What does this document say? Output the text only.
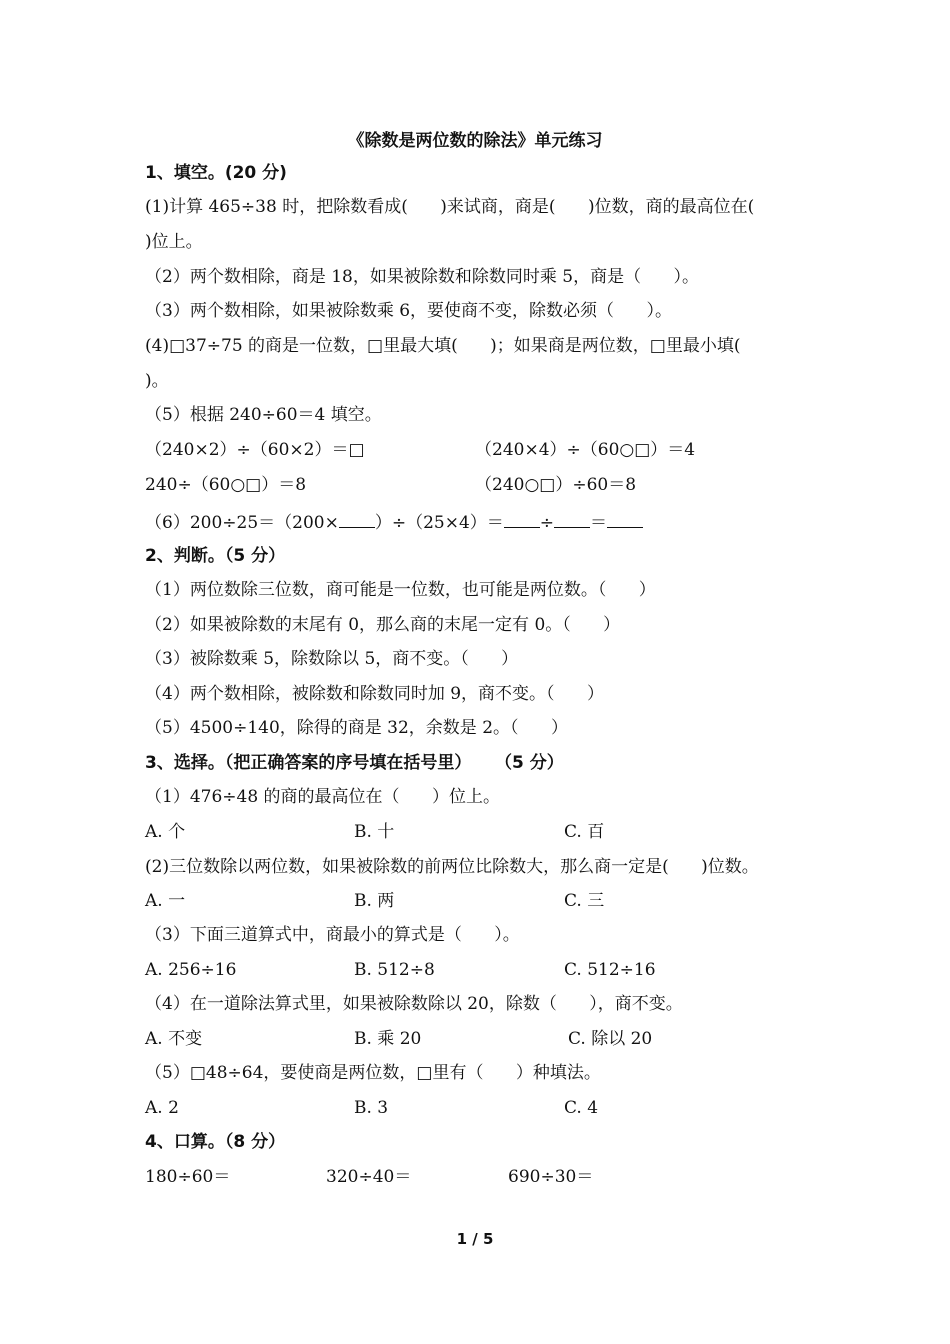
《除数是两位数的除法》单元练习
1、填空。(20 分)
(1)计算 465÷38 时，把除数看成(      )来试商，商是(      )位数，商的最高位在(
)位上。
（2）两个数相除，商是 18，如果被除数和除数同时乘 5，商是（      ）。
（3）两个数相除，如果被除数乘 6，要使商不变，除数必须（      ）。
(4)□37÷75 的商是一位数，□里最大填(      )；如果商是两位数，□里最小填(
)。
（5）根据 240÷60＝4 填空。
（240×2）÷（60×2）＝□	（240×4）÷（60○□）＝4
240÷（60○□）＝8	（240○□）÷60＝8
（6）200÷25＝（200× ）÷（25×4）＝ ÷ ＝
2、判断。（5 分）
（1）两位数除三位数，商可能是一位数，也可能是两位数。（      ）
（2）如果被除数的末尾有 0，那么商的末尾一定有 0。（      ）
（3）被除数乘 5，除数除以 5，商不变。（      ）
（4）两个数相除，被除数和除数同时加 9，商不变。（      ）
（5）4500÷140，除得的商是 32，余数是 2。（      ）
3、选择。（把正确答案的序号填在括号里）    （5 分）
（1）476÷48 的商的最高位在（      ）位上。
A. 个	B. 十	C. 百
(2)三位数除以两位数，如果被除数的前两位比除数大，那么商一定是(      )位数。
A. 一	B. 两	C. 三
（3）下面三道算式中，商最小的算式是（      ）。
A. 256÷16	B. 512÷8	C. 512÷16
（4）在一道除法算式里，如果被除数除以 20，除数（      ），商不变。
A. 不变	B. 乘 20	C. 除以 20
（5）□48÷64，要使商是两位数，□里有（      ）种填法。
A. 2	B. 3	C. 4
4、口算。（8 分）
180÷60＝	320÷40＝	690÷30＝
1 / 5
